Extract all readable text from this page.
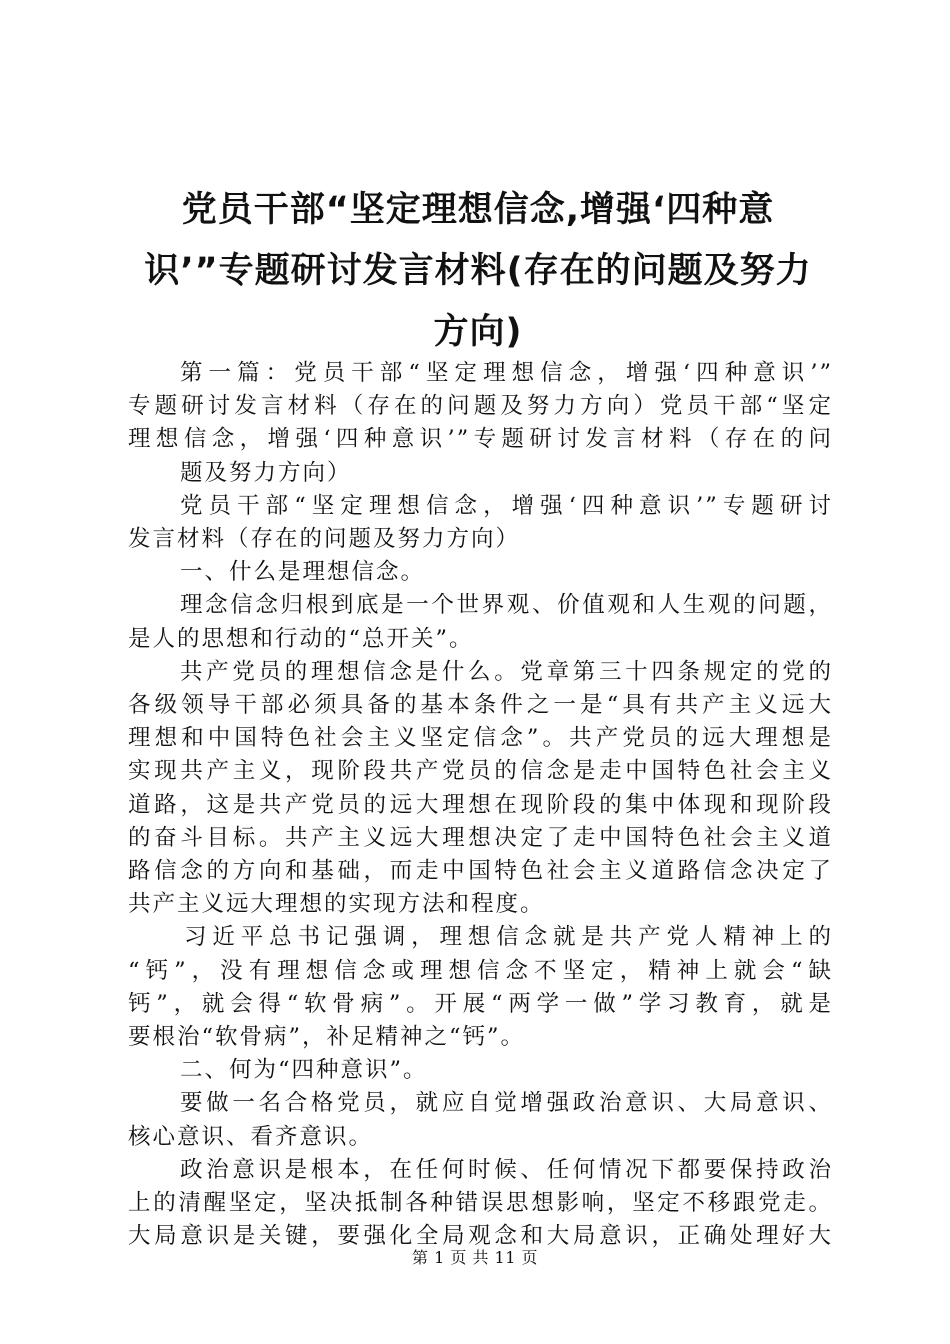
党员干部“坚定理想信念,增强‘四种意
识’”专题研讨发言材料(存在的问题及努力
方向)

第一篇：党员干部“坚定理想信念，增强‘四种意识’”

专题研讨发言材料（存在的问题及努力方向）党员干部“坚定

理想信念，增强‘四种意识’”专题研讨发言材料（存在的问

题及努力方向）

党员干部“坚定理想信念，增强‘四种意识’”专题研讨

发言材料（存在的问题及努力方向）

一、什么是理想信念。

理念信念归根到底是一个世界观、价值观和人生观的问题，

是人的思想和行动的“总开关”。

共产党员的理想信念是什么。党章第三十四条规定的党的

各级领导干部必须具备的基本条件之一是“具有共产主义远大

理想和中国特色社会主义坚定信念”。共产党员的远大理想是

实现共产主义，现阶段共产党员的信念是走中国特色社会主义

道路，这是共产党员的远大理想在现阶段的集中体现和现阶段

的奋斗目标。共产主义远大理想决定了走中国特色社会主义道

路信念的方向和基础，而走中国特色社会主义道路信念决定了

共产主义远大理想的实现方法和程度。

习近平总书记强调，理想信念就是共产党人精神上的

“钙”，没有理想信念或理想信念不坚定，精神上就会“缺

钙”，就会得“软骨病”。开展“两学一做”学习教育，就是

要根治“软骨病”，补足精神之“钙”。

二、何为“四种意识”。

要做一名合格党员，就应自觉增强政治意识、大局意识、

核心意识、看齐意识。

政治意识是根本，在任何时候、任何情况下都要保持政治

上的清醒坚定，坚决抵制各种错误思想影响，坚定不移跟党走。

大局意识是关键，要强化全局观念和大局意识，正确处理好大

第 1 页 共 11 页
